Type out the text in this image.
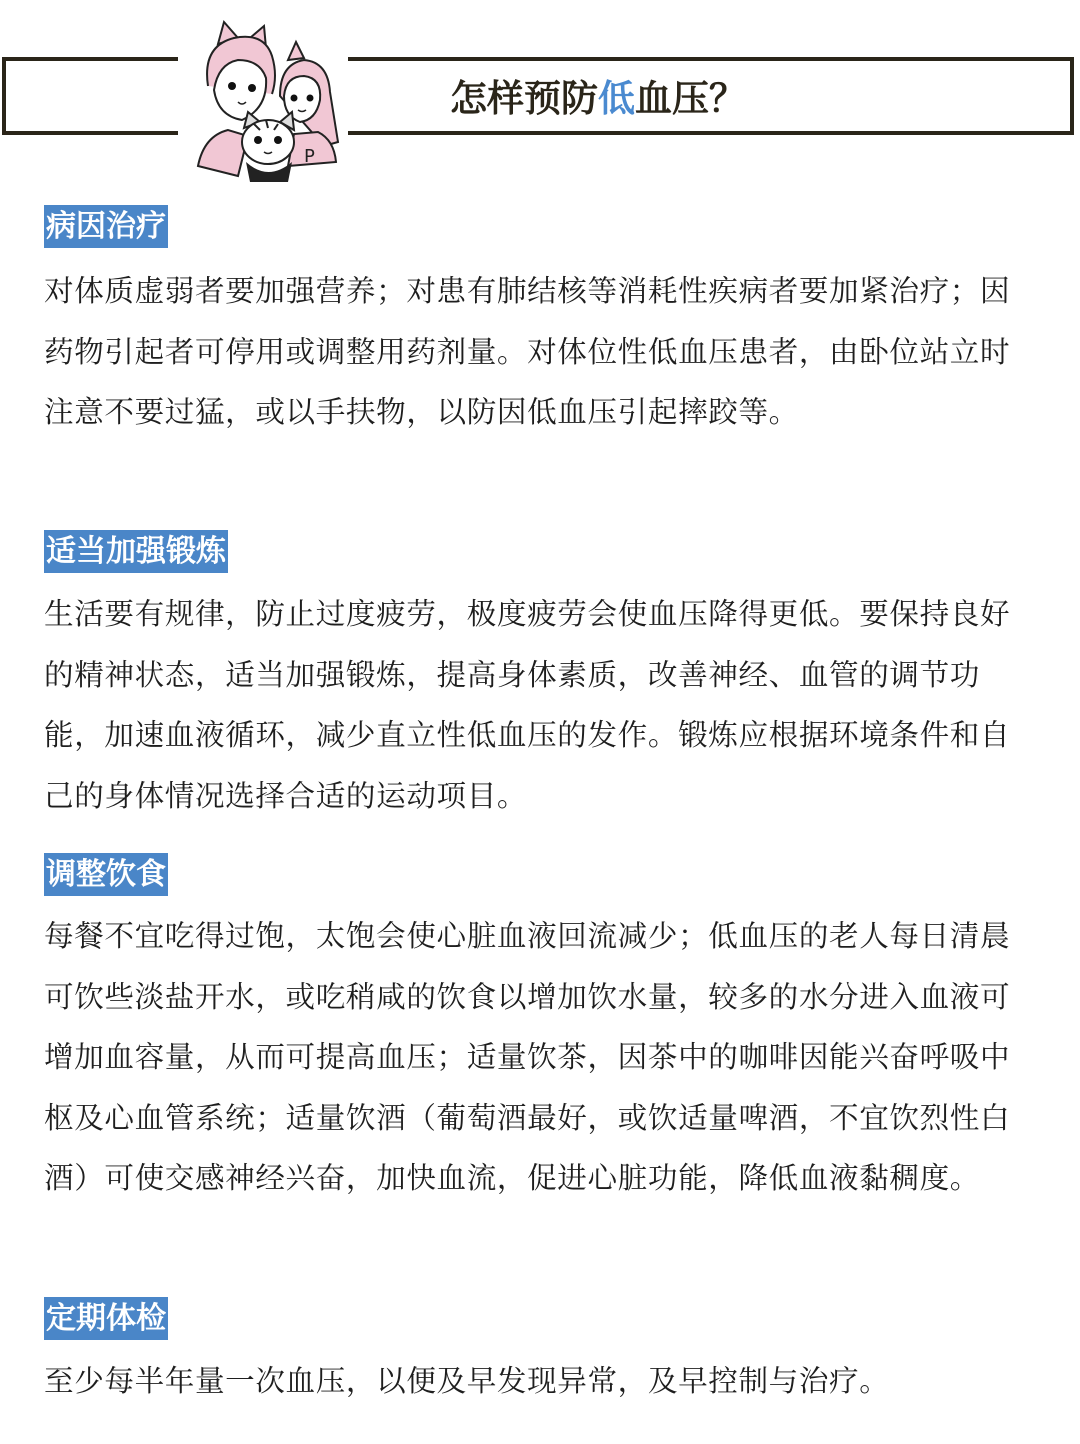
P
怎样预防低血压？
病因治疗

对体质虚弱者要加强营养；对患有肺结核等消耗性疾病者要加紧治疗；因药物引起者可停用或调整用药剂量。对体位性低血压患者，由卧位站立时注意不要过猛，或以手扶物，以防因低血压引起摔跤等。

适当加强锻炼

生活要有规律，防止过度疲劳，极度疲劳会使血压降得更低。要保持良好的精神状态，适当加强锻炼，提高身体素质，改善神经、血管的调节功能，加速血液循环，减少直立性低血压的发作。锻炼应根据环境条件和自己的身体情况选择合适的运动项目。

调整饮食

每餐不宜吃得过饱，太饱会使心脏血液回流减少；低血压的老人每日清晨可饮些淡盐开水，或吃稍咸的饮食以增加饮水量，较多的水分进入血液可增加血容量，从而可提高血压；适量饮茶，因茶中的咖啡因能兴奋呼吸中枢及心血管系统；适量饮酒（葡萄酒最好，或饮适量啤酒，不宜饮烈性白酒）可使交感神经兴奋，加快血流，促进心脏功能，降低血液黏稠度。

定期体检

至少每半年量一次血压，以便及早发现异常，及早控制与治疗。
